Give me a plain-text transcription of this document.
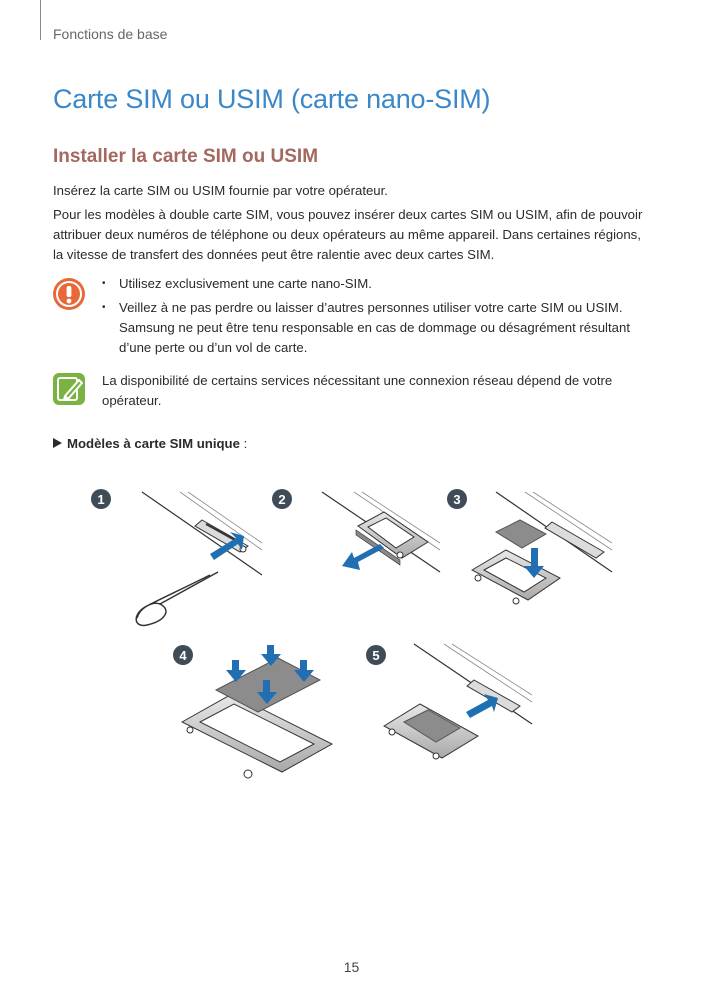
Fonctions de base
Carte SIM ou USIM (carte nano-SIM)
Installer la carte SIM ou USIM

Insérez la carte SIM ou USIM fournie par votre opérateur.

Pour les modèles à double carte SIM, vous pouvez insérer deux cartes SIM ou USIM, afin de pouvoir attribuer deux numéros de téléphone ou deux opérateurs au même appareil. Dans certaines régions, la vitesse de transfert des données peut être ralentie avec deux cartes SIM.

• Utilisez exclusivement une carte nano-SIM.
• Veillez à ne pas perdre ou laisser d’autres personnes utiliser votre carte SIM ou USIM. Samsung ne peut être tenu responsable en cas de dommage ou désagrément résultant d’une perte ou d’un vol de carte.

La disponibilité de certains services nécessitant une connexion réseau dépend de votre opérateur.

Modèles à carte SIM unique :
1	2	3
4	5
15
